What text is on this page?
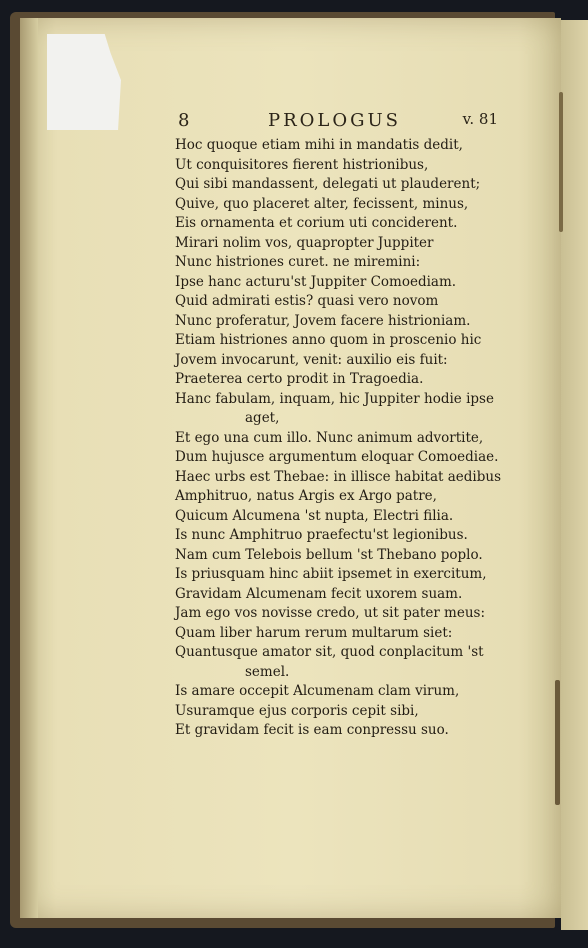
8	PROLOGUS	v. 81
Hoc quoque etiam mihi in mandatis dedit,
Ut conquisitores fierent histrionibus,
Qui sibi mandassent, delegati ut plauderent;
Quive, quo placeret alter, fecissent, minus,
Eis ornamenta et corium uti conciderent.
Mirari nolim vos, quapropter Juppiter
Nunc histriones curet. ne miremini:
Ipse hanc acturu'st Juppiter Comoediam.
Quid admirati estis? quasi vero novom
Nunc proferatur, Jovem facere histrioniam.
Etiam histriones anno quom in proscenio hic
Jovem invocarunt, venit: auxilio eis fuit:
Praeterea certo prodit in Tragoedia.
Hanc fabulam, inquam, hic Juppiter hodie ipse
aget,
Et ego una cum illo. Nunc animum advortite,
Dum hujusce argumentum eloquar Comoediae.
Haec urbs est Thebae: in illisce habitat aedibus
Amphitruo, natus Argis ex Argo patre,
Quicum Alcumena 'st nupta, Electri filia.
Is nunc Amphitruo praefectu'st legionibus.
Nam cum Telebois bellum 'st Thebano poplo.
Is priusquam hinc abiit ipsemet in exercitum,
Gravidam Alcumenam fecit uxorem suam.
Jam ego vos novisse credo, ut sit pater meus:
Quam liber harum rerum multarum siet:
Quantusque amator sit, quod conplacitum 'st
semel.
Is amare occepit Alcumenam clam virum,
Usuramque ejus corporis cepit sibi,
Et gravidam fecit is eam conpressu suo.
